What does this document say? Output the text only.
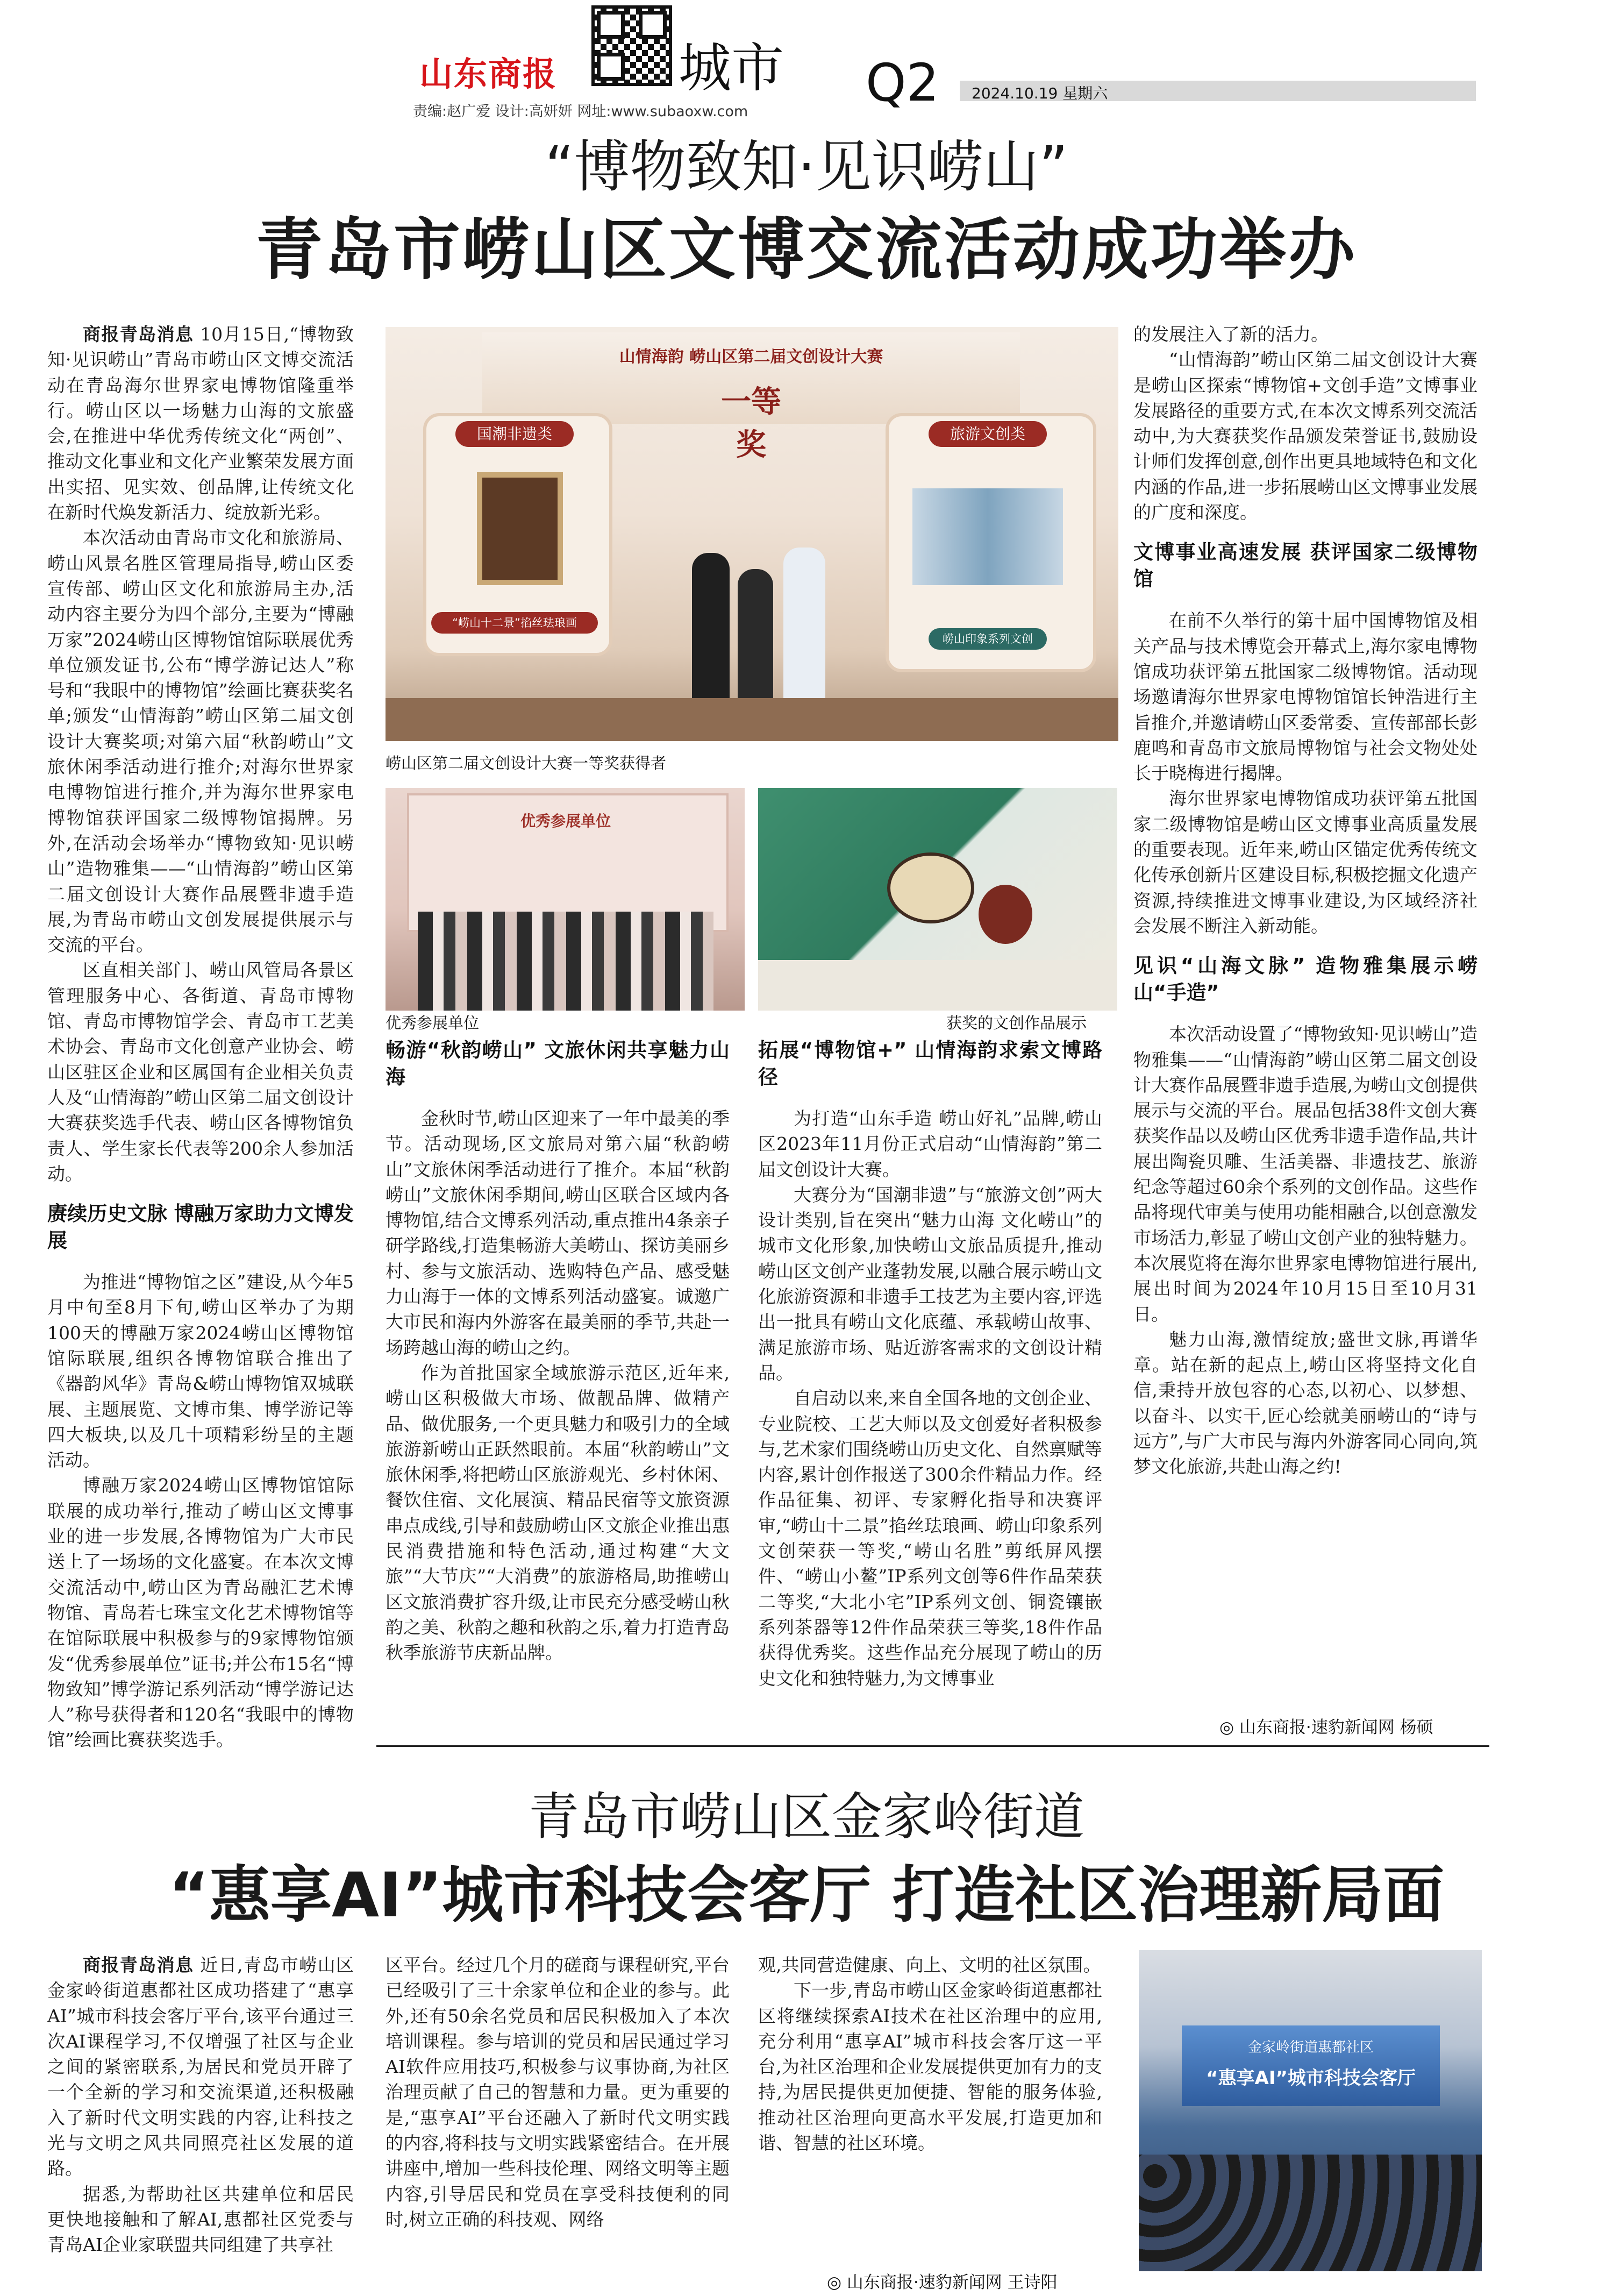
山东商报 城市 Q2
责编:赵广爱 设计:高妍妍 网址:www.subaoxw.com
2024.10.19 星期六
“博物致知·见识崂山”
青岛市崂山区文博交流活动成功举办

商报青岛消息 10月15日,“博物致知·见识崂山”青岛市崂山区文博交流活动在青岛海尔世界家电博物馆隆重举行。崂山区以一场魅力山海的文旅盛会,在推进中华优秀传统文化“两创”、推动文化事业和文化产业繁荣发展方面出实招、见实效、创品牌,让传统文化在新时代焕发新活力、绽放新光彩。

本次活动由青岛市文化和旅游局、崂山风景名胜区管理局指导,崂山区委宣传部、崂山区文化和旅游局主办,活动内容主要分为四个部分,主要为“博融万家”2024崂山区博物馆馆际联展优秀单位颁发证书,公布“博学游记达人”称号和“我眼中的博物馆”绘画比赛获奖名单;颁发“山情海韵”崂山区第二届文创设计大赛奖项;对第六届“秋韵崂山”文旅休闲季活动进行推介;对海尔世界家电博物馆进行推介,并为海尔世界家电博物馆获评国家二级博物馆揭牌。另外,在活动会场举办“博物致知·见识崂山”造物雅集——“山情海韵”崂山区第二届文创设计大赛作品展暨非遗手造展,为青岛市崂山文创发展提供展示与交流的平台。

区直相关部门、崂山风管局各景区管理服务中心、各街道、青岛市博物馆、青岛市博物馆学会、青岛市工艺美术协会、青岛市文化创意产业协会、崂山区驻区企业和区属国有企业相关负责人及“山情海韵”崂山区第二届文创设计大赛获奖选手代表、崂山区各博物馆负责人、学生家长代表等200余人参加活动。

赓续历史文脉 博融万家助力文博发展

为推进“博物馆之区”建设,从今年5月中旬至8月下旬,崂山区举办了为期100天的博融万家2024崂山区博物馆馆际联展,组织各博物馆联合推出了《器韵风华》青岛&崂山博物馆双城联展、主题展览、文博市集、博学游记等四大板块,以及几十项精彩纷呈的主题活动。

博融万家2024崂山区博物馆馆际联展的成功举行,推动了崂山区文博事业的进一步发展,各博物馆为广大市民送上了一场场的文化盛宴。在本次文博交流活动中,崂山区为青岛融汇艺术博物馆、青岛若七珠宝文化艺术博物馆等在馆际联展中积极参与的9家博物馆颁发“优秀参展单位”证书;并公布15名“博物致知”博学游记系列活动“博学游记达人”称号获得者和120名“我眼中的博物馆”绘画比赛获奖选手。

山情海韵 崂山区第二届文创设计大赛
一等奖
国潮非遗类
“崂山十二景”掐丝珐琅画
旅游文创类
崂山印象系列文创
崂山区第二届文创设计大赛一等奖获得者
优秀参展单位
优秀参展单位	获奖的文创作品展示
畅游“秋韵崂山” 文旅休闲共享魅力山海

金秋时节,崂山区迎来了一年中最美的季节。活动现场,区文旅局对第六届“秋韵崂山”文旅休闲季活动进行了推介。本届“秋韵崂山”文旅休闲季期间,崂山区联合区域内各博物馆,结合文博系列活动,重点推出4条亲子研学路线,打造集畅游大美崂山、探访美丽乡村、参与文旅活动、选购特色产品、感受魅力山海于一体的文博系列活动盛宴。诚邀广大市民和海内外游客在最美丽的季节,共赴一场跨越山海的崂山之约。

作为首批国家全域旅游示范区,近年来,崂山区积极做大市场、做靓品牌、做精产品、做优服务,一个更具魅力和吸引力的全域旅游新崂山正跃然眼前。本届“秋韵崂山”文旅休闲季,将把崂山区旅游观光、乡村休闲、餐饮住宿、文化展演、精品民宿等文旅资源串点成线,引导和鼓励崂山区文旅企业推出惠民消费措施和特色活动,通过构建“大文旅”“大节庆”“大消费”的旅游格局,助推崂山区文旅消费扩容升级,让市民充分感受崂山秋韵之美、秋韵之趣和秋韵之乐,着力打造青岛秋季旅游节庆新品牌。

拓展“博物馆+” 山情海韵求索文博路径

为打造“山东手造 崂山好礼”品牌,崂山区2023年11月份正式启动“山情海韵”第二届文创设计大赛。

大赛分为“国潮非遗”与“旅游文创”两大设计类别,旨在突出“魅力山海 文化崂山”的城市文化形象,加快崂山文旅品质提升,推动崂山区文创产业蓬勃发展,以融合展示崂山文化旅游资源和非遗手工技艺为主要内容,评选出一批具有崂山文化底蕴、承载崂山故事、满足旅游市场、贴近游客需求的文创设计精品。

自启动以来,来自全国各地的文创企业、专业院校、工艺大师以及文创爱好者积极参与,艺术家们围绕崂山历史文化、自然禀赋等内容,累计创作报送了300余件精品力作。经作品征集、初评、专家孵化指导和决赛评审,“崂山十二景”掐丝珐琅画、崂山印象系列文创荣获一等奖,“崂山名胜”剪纸屏风摆件、“崂山小鳌”IP系列文创等6件作品荣获二等奖,“大北小宅”IP系列文创、铜瓷镶嵌系列茶器等12件作品荣获三等奖,18件作品获得优秀奖。这些作品充分展现了崂山的历史文化和独特魅力,为文博事业

的发展注入了新的活力。

“山情海韵”崂山区第二届文创设计大赛是崂山区探索“博物馆+文创手造”文博事业发展路径的重要方式,在本次文博系列交流活动中,为大赛获奖作品颁发荣誉证书,鼓励设计师们发挥创意,创作出更具地域特色和文化内涵的作品,进一步拓展崂山区文博事业发展的广度和深度。

文博事业高速发展 获评国家二级博物馆

在前不久举行的第十届中国博物馆及相关产品与技术博览会开幕式上,海尔家电博物馆成功获评第五批国家二级博物馆。活动现场邀请海尔世界家电博物馆馆长钟浩进行主旨推介,并邀请崂山区委常委、宣传部部长彭鹿鸣和青岛市文旅局博物馆与社会文物处处长于晓梅进行揭牌。

海尔世界家电博物馆成功获评第五批国家二级博物馆是崂山区文博事业高质量发展的重要表现。近年来,崂山区锚定优秀传统文化传承创新片区建设目标,积极挖掘文化遗产资源,持续推进文博事业建设,为区域经济社会发展不断注入新动能。

见识“山海文脉” 造物雅集展示崂山“手造”

本次活动设置了“博物致知·见识崂山”造物雅集——“山情海韵”崂山区第二届文创设计大赛作品展暨非遗手造展,为崂山文创提供展示与交流的平台。展品包括38件文创大赛获奖作品以及崂山区优秀非遗手造作品,共计展出陶瓷贝雕、生活美器、非遗技艺、旅游纪念等超过60余个系列的文创作品。这些作品将现代审美与使用功能相融合,以创意激发市场活力,彰显了崂山文创产业的独特魅力。本次展览将在海尔世界家电博物馆进行展出,展出时间为2024年10月15日至10月31日。

魅力山海,激情绽放;盛世文脉,再谱华章。站在新的起点上,崂山区将坚持文化自信,秉持开放包容的心态,以初心、以梦想、以奋斗、以实干,匠心绘就美丽崂山的“诗与远方”,与广大市民与海内外游客同心同向,筑梦文化旅游,共赴山海之约!

◎ 山东商报·速豹新闻网 杨硕
青岛市崂山区金家岭街道
“惠享AI”城市科技会客厅 打造社区治理新局面

商报青岛消息 近日,青岛市崂山区金家岭街道惠都社区成功搭建了“惠享AI”城市科技会客厅平台,该平台通过三次AI课程学习,不仅增强了社区与企业之间的紧密联系,为居民和党员开辟了一个全新的学习和交流渠道,还积极融入了新时代文明实践的内容,让科技之光与文明之风共同照亮社区发展的道路。

据悉,为帮助社区共建单位和居民更快地接触和了解AI,惠都社区党委与青岛AI企业家联盟共同组建了共享社

区平台。经过几个月的磋商与课程研究,平台已经吸引了三十余家单位和企业的参与。此外,还有50余名党员和居民积极加入了本次培训课程。参与培训的党员和居民通过学习AI软件应用技巧,积极参与议事协商,为社区治理贡献了自己的智慧和力量。更为重要的是,“惠享AI”平台还融入了新时代文明实践的内容,将科技与文明实践紧密结合。在开展讲座中,增加一些科技伦理、网络文明等主题内容,引导居民和党员在享受科技便利的同时,树立正确的科技观、网络

观,共同营造健康、向上、文明的社区氛围。

下一步,青岛市崂山区金家岭街道惠都社区将继续探索AI技术在社区治理中的应用,充分利用“惠享AI”城市科技会客厅这一平台,为社区治理和企业发展提供更加有力的支持,为居民提供更加便捷、智能的服务体验,推动社区治理向更高水平发展,打造更加和谐、智慧的社区环境。

金家岭街道惠都社区
“惠享AI”城市科技会客厅
◎ 山东商报·速豹新闻网 王诗阳
